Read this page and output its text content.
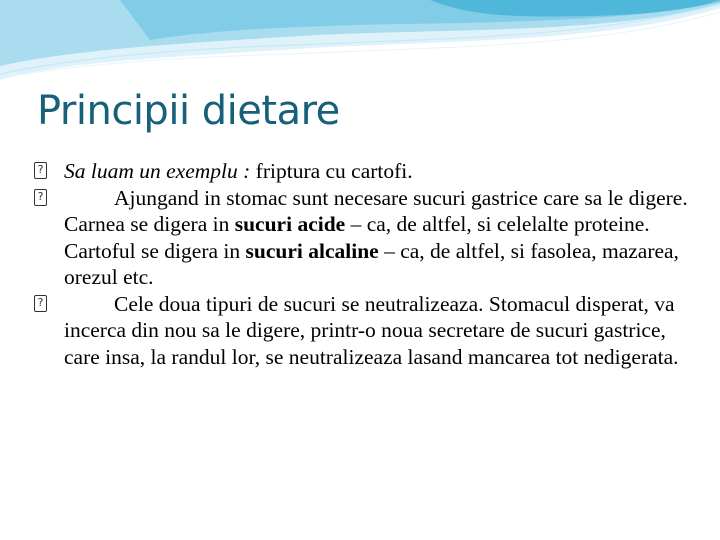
Principii dietare
? Sa luam un exemplu : friptura cu cartofi.
?	Ajungand in stomac sunt necesare sucuri gastrice care sa le digere. Carnea se digera in sucuri acide – ca, de altfel, si celelalte proteine. Cartoful se digera in sucuri alcaline – ca, de altfel, si fasolea, mazarea, orezul etc.
?	Cele doua tipuri de sucuri se neutralizeaza. Stomacul disperat, va incerca din nou sa le digere, printr-o noua secretare de sucuri gastrice, care insa, la randul lor, se neutralizeaza lasand mancarea tot nedigerata.
